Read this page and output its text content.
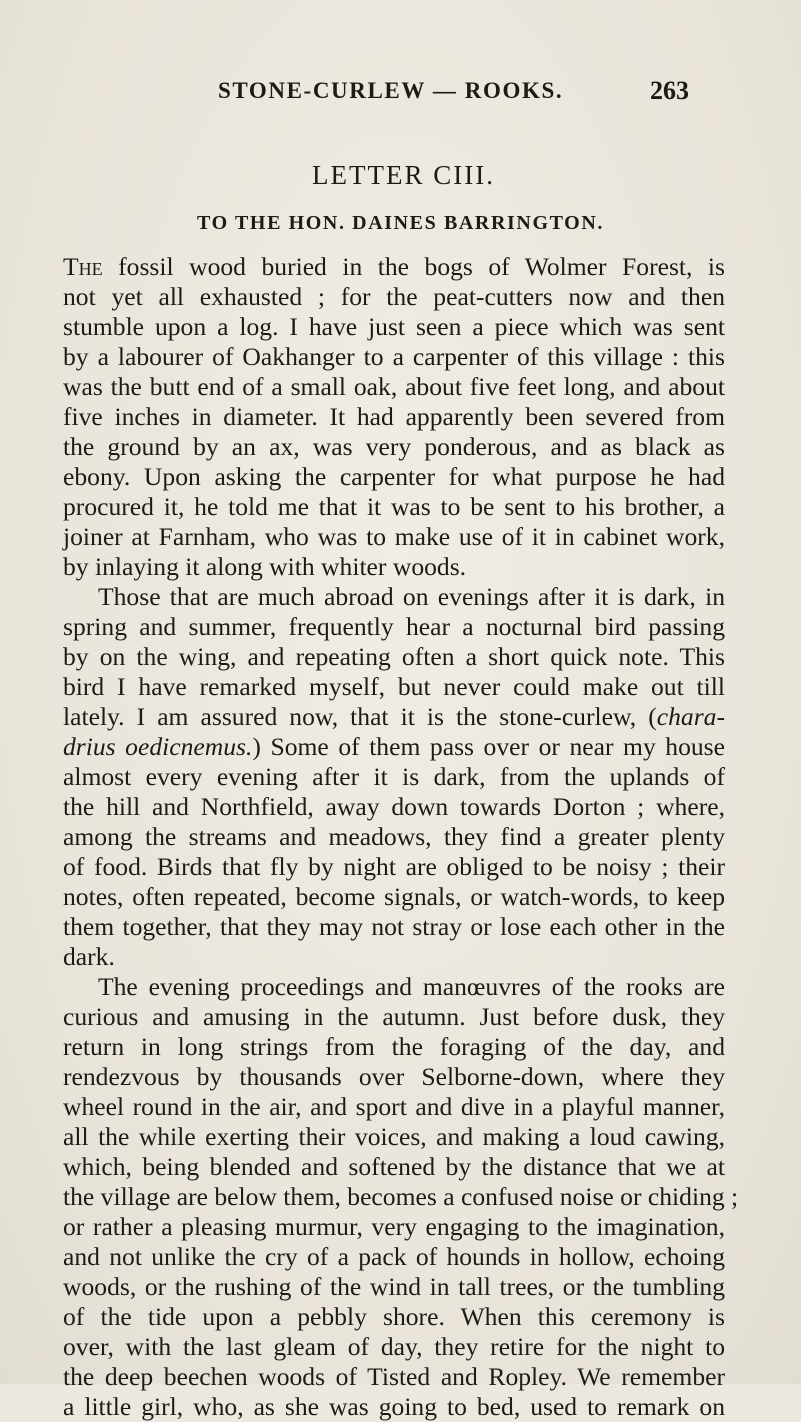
STONE-CURLEW — ROOKS.	263
LETTER CIII.
TO THE HON. DAINES BARRINGTON.
The fossil wood buried in the bogs of Wolmer Forest, is
not yet all exhausted ; for the peat-cutters now and then
stumble upon a log. I have just seen a piece which was sent
by a labourer of Oakhanger to a carpenter of this village : this
was the butt end of a small oak, about five feet long, and about
five inches in diameter. It had apparently been severed from
the ground by an ax, was very ponderous, and as black as
ebony. Upon asking the carpenter for what purpose he had
procured it, he told me that it was to be sent to his brother, a
joiner at Farnham, who was to make use of it in cabinet work,
by inlaying it along with whiter woods.
Those that are much abroad on evenings after it is dark, in
spring and summer, frequently hear a nocturnal bird passing
by on the wing, and repeating often a short quick note. This
bird I have remarked myself, but never could make out till
lately. I am assured now, that it is the stone-curlew, (chara-
drius oedicnemus.) Some of them pass over or near my house
almost every evening after it is dark, from the uplands of
the hill and Northfield, away down towards Dorton ; where,
among the streams and meadows, they find a greater plenty
of food. Birds that fly by night are obliged to be noisy ; their
notes, often repeated, become signals, or watch-words, to keep
them together, that they may not stray or lose each other in the
dark.
The evening proceedings and manœuvres of the rooks are
curious and amusing in the autumn. Just before dusk, they
return in long strings from the foraging of the day, and
rendezvous by thousands over Selborne-down, where they
wheel round in the air, and sport and dive in a playful manner,
all the while exerting their voices, and making a loud cawing,
which, being blended and softened by the distance that we at
the village are below them, becomes a confused noise or chiding ;
or rather a pleasing murmur, very engaging to the imagination,
and not unlike the cry of a pack of hounds in hollow, echoing
woods, or the rushing of the wind in tall trees, or the tumbling
of the tide upon a pebbly shore. When this ceremony is
over, with the last gleam of day, they retire for the night to
the deep beechen woods of Tisted and Ropley. We remember
a little girl, who, as she was going to bed, used to remark on
